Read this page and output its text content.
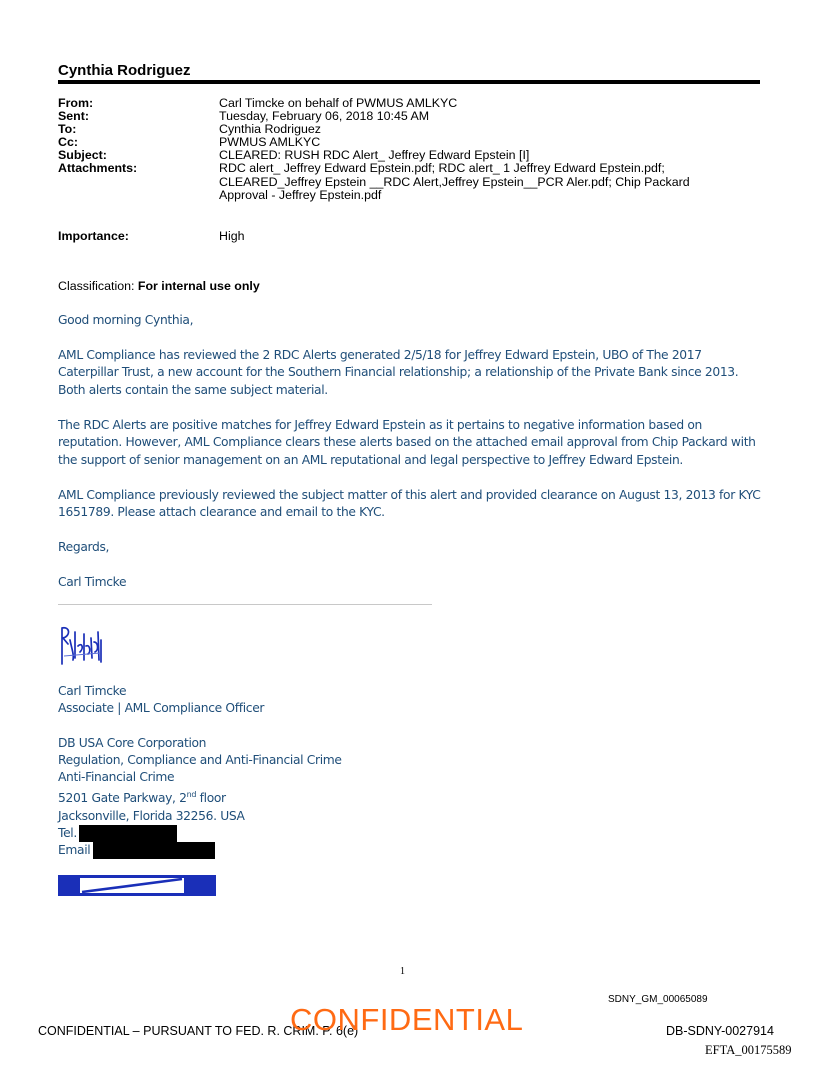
Cynthia Rodriguez
From:	Carl Timcke on behalf of PWMUS AMLKYC
Sent:	Tuesday, February 06, 2018 10:45 AM
To:	Cynthia Rodriguez
Cc:	PWMUS AMLKYC
Subject:	CLEARED: RUSH RDC Alert_ Jeffrey Edward Epstein [I]
Attachments:	RDC alert_ Jeffrey Edward Epstein.pdf; RDC alert_ 1 Jeffrey Edward Epstein.pdf;
CLEARED_Jeffrey Epstein __RDC Alert,Jeffrey Epstein__PCR Aler.pdf; Chip Packard
Approval - Jeffrey Epstein.pdf
Importance:	High
Classification: For internal use only
Good morning Cynthia,

AML Compliance has reviewed the 2 RDC Alerts generated 2/5/18 for Jeffrey Edward Epstein, UBO of The 2017

Caterpillar Trust, a new account for the Southern Financial relationship; a relationship of the Private Bank since 2013.

Both alerts contain the same subject material.

The RDC Alerts are positive matches for Jeffrey Edward Epstein as it pertains to negative information based on

reputation. However, AML Compliance clears these alerts based on the attached email approval from Chip Packard with

the support of senior management on an AML reputational and legal perspective to Jeffrey Edward Epstein.

AML Compliance previously reviewed the subject matter of this alert and provided clearance on August 13, 2013 for KYC

1651789. Please attach clearance and email to the KYC.

Regards,
Carl Timcke
Carl Timcke
Associate | AML Compliance Officer
DB USA Core Corporation
Regulation, Compliance and Anti-Financial Crime
Anti-Financial Crime
5201 Gate Parkway, 2nd floor
Jacksonville, Florida 32256. USA
Tel.
Email
1
SDNY_GM_00065089
CONFIDENTIAL – PURSUANT TO FED. R. CRIM. P. 6(e)
CONFIDENTIAL	DB-SDNY-0027914
EFTA_00175589
